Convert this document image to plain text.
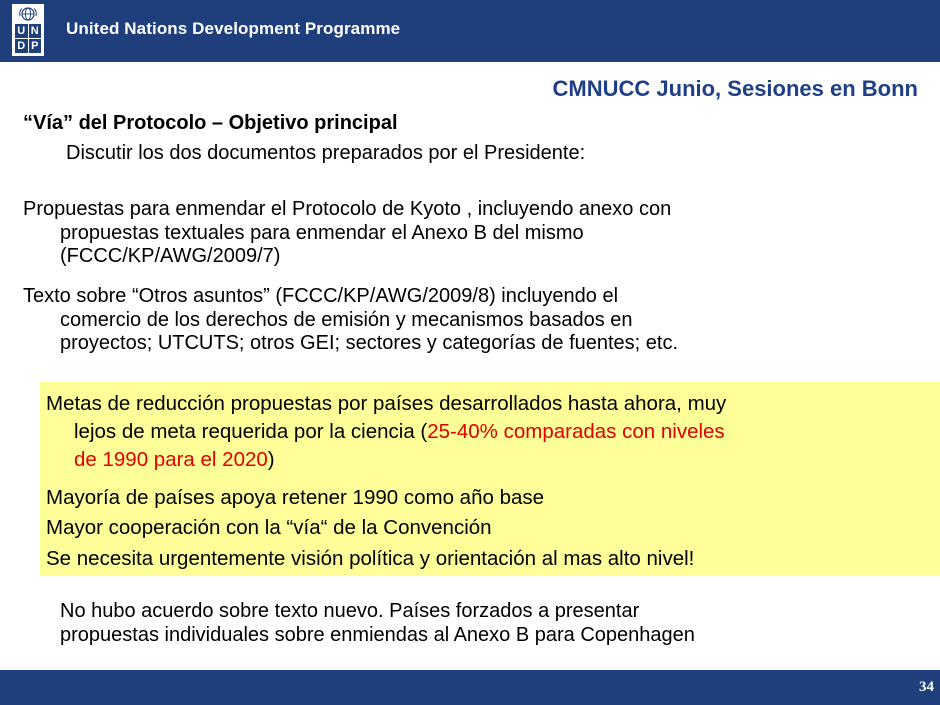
U N
D P
United Nations Development Programme
CMNUCC Junio, Sesiones en Bonn
“Vía” del Protocolo – Objetivo principal
Discutir los dos documentos preparados por el Presidente:
Propuestas para enmendar el Protocolo de Kyoto , incluyendo anexo con
propuestas textuales para enmendar el Anexo B del mismo
(FCCC/KP/AWG/2009/7)
Texto sobre “Otros asuntos” (FCCC/KP/AWG/2009/8) incluyendo el
comercio de los derechos de emisión y mecanismos basados en
proyectos; UTCUTS; otros GEI; sectores y categorías de fuentes; etc.
Metas de reducción propuestas por países desarrollados hasta ahora, muy
lejos de meta requerida por la ciencia (25-40% comparadas con niveles
de 1990 para el 2020)
Mayoría de países apoya retener 1990 como año base
Mayor cooperación con la “vía“ de la Convención
Se necesita urgentemente visión política y orientación al mas alto nivel!
No hubo acuerdo sobre texto nuevo. Países forzados a presentar
propuestas individuales sobre enmiendas al Anexo B para Copenhagen
34
